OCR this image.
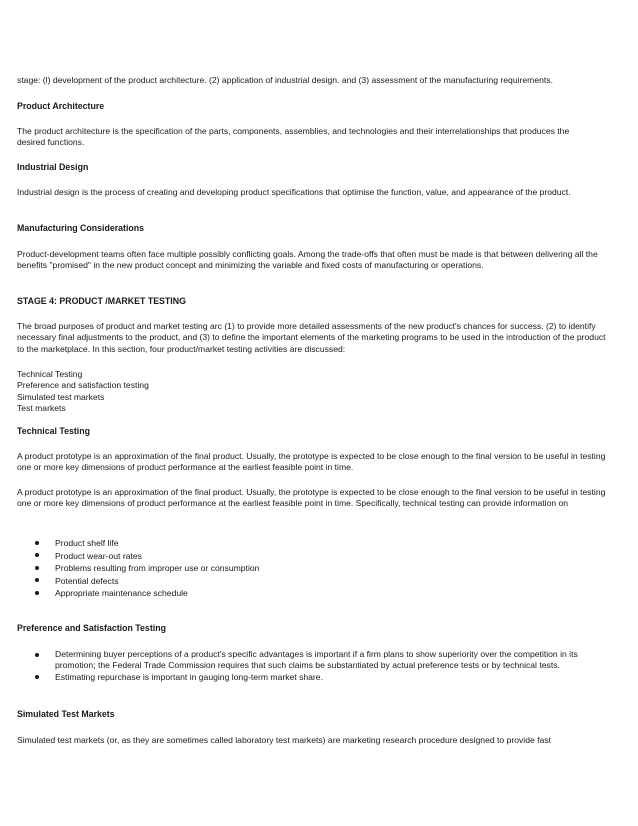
stage: (l) development of the product architecture. (2) application of industrial design. and (3) assessment of the manufacturing requirements.

Product Architecture

The product architecture is the specification of the parts, components, assemblies, and technologies and their interrelationships that produces the desired functions.

Industrial Design

Industrial design is the process of creating and developing product specifications that optimise the function, value, and appearance of the product.

Manufacturing Considerations

Product-development teams often face multiple possibly conflicting goals. Among the trade-offs that often must be made is that between delivering all the benefits "promised" in the new product concept and minimizing the variable and fixed costs of manufacturing or operations.

STAGE 4: PRODUCT /MARKET TESTING

The broad purposes of product and market testing arc (1) to provide more detailed assessments of the new product's chances for success. (2) to identify necessary final adjustments to the product, and (3) to define the important elements of the marketing programs to be used in the introduction of the product to the marketplace. In this section, four product/market testing activities are discussed:

Technical Testing
Preference and satisfaction testing
Simulated test markets
Test markets

Technical Testing

A product prototype is an approximation of the final product. Usually, the prototype is expected to be close enough to the final version to be useful in testing one or more key dimensions of product performance at the earliest feasible point in time.

A product prototype is an approximation of the final product. Usually, the prototype is expected to be close enough to the final version to be useful in testing one or more key dimensions of product performance at the earliest feasible point in time. Specifically, technical testing can provide information on

Product shelf life
Product wear-out rates
Problems resulting from improper use or consumption
Potential defects
Appropriate maintenance schedule

Preference and Satisfaction Testing

Determining buyer perceptions of a product's specific advantages is important if a firm plans to show superiority over the competition in its promotion; the Federal Trade Commission requires that such claims be substantiated by actual preference tests or by technical tests.
Estimating repurchase is important in gauging long-term market share.

Simulated Test Markets

Simulated test markets (or, as they are sometimes called laboratory test markets) are marketing research procedure designed to provide fast
